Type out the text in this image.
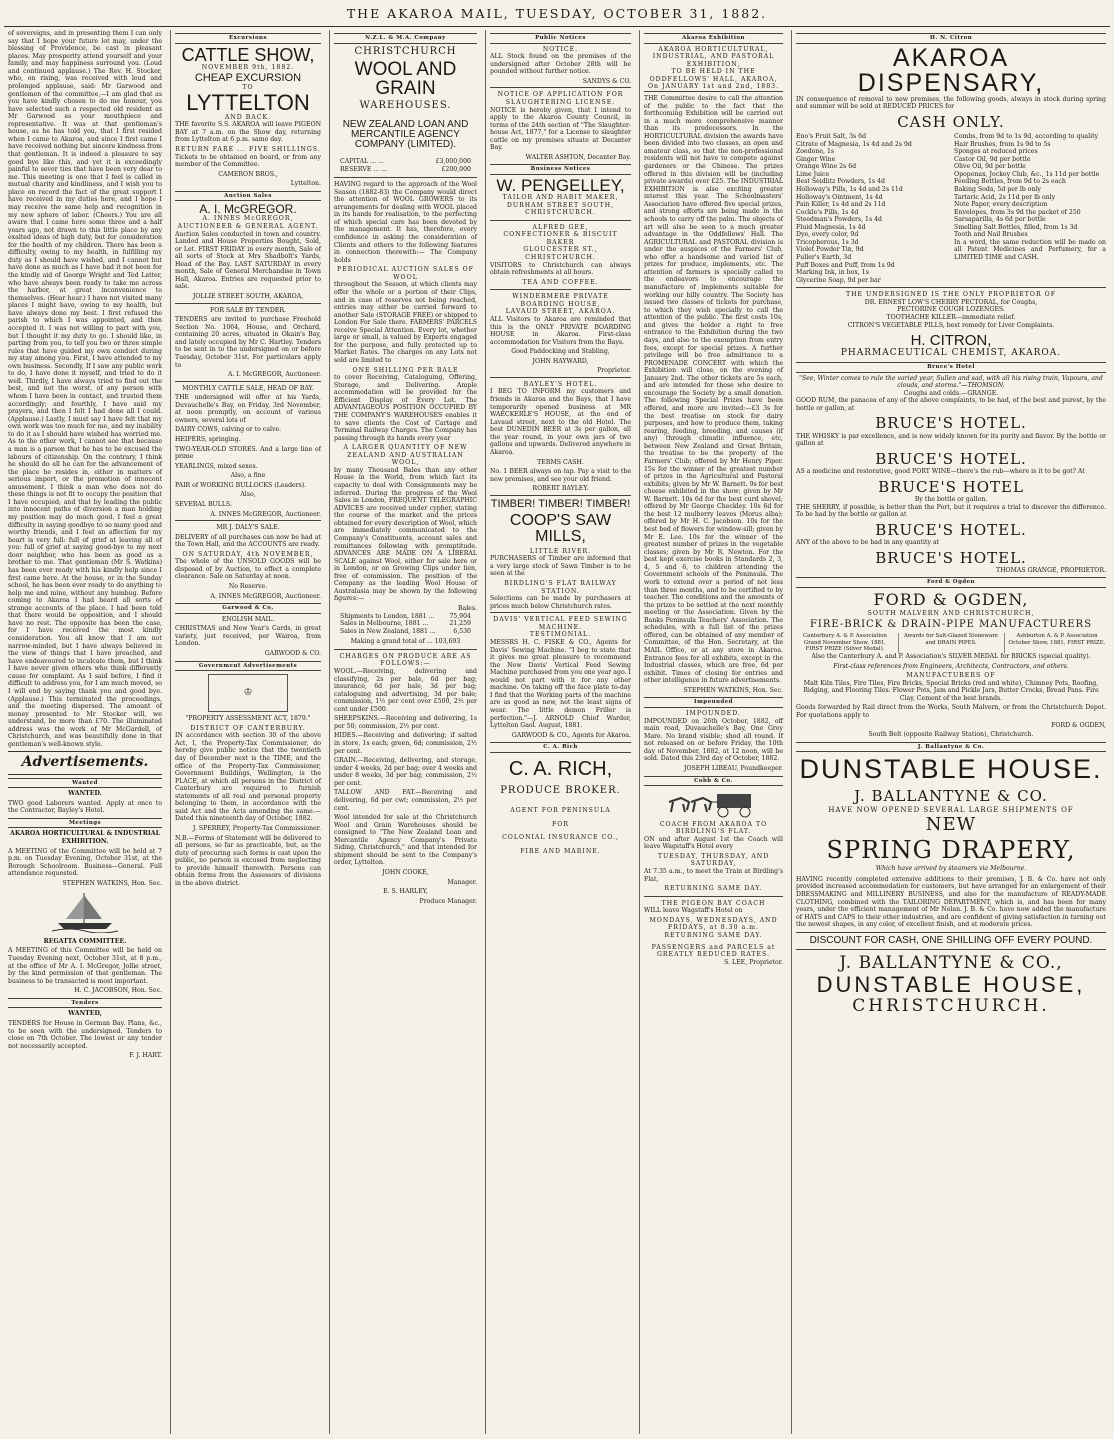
THE AKAROA MAIL, TUESDAY, OCTOBER 31, 1882.

of sovereigns, and in presenting them I can only say that I hope your future lot may, under the blessing of Providence, be cast in pleasant places. May prosperity attend yourself and your family, and may happiness surround you. (Loud and continued applause.) The Rev. H. Stocker, who, on rising, was received with loud and prolonged applause, said: Mr Garwood and gentlemen of the committee,—I am glad that as you have kindly chosen to do me honour, you have selected such a respected old resident as Mr Garwood as your mouthpiece and representative. It was at that gentleman's house, as he has told you, that I first resided when I came to Akaroa, and since I first came I have received nothing but sincere kindness from that gentleman. It is indeed a pleasure to say good bye like this, and yet it is exceedingly painful to sever ties that have been very dear to me. This meeting is one that I feel is called in mutual charity and kindliness, and I wish you to place on record the fact of the great support I have received in my duties here, and I hope I may receive the same help and recognition in my new sphere of labor. (Cheers.) You are all aware that I came here some three and a half years ago, not drawn to this little place by any exalted ideas of high duty, but for consideration for the health of my children. There has been a difficulty, owing to my health, in fulfilling my duty as I should have wished, and I cannot but have done as much as I have had it not been for the kindly aid of George Wright and Ted Latter, who have always been ready to take me across the harbor, at great inconvenience to themselves. (Hear hear.) I have not visited many places I might have, owing to my health, but have always done my best. I first refused the parish to which I was appointed, and then accepted it. I was not willing to part with you, but I thought it my duty to go. I should like, in parting from you, to tell you two or three simple rules that have guided my own conduct during my stay among you. First, I have attended to my own business. Secondly, If I saw any public work to do, I have done it myself, and tried to do it well. Thirdly, I have always tried to find out the best, and not the worst, of any person with whom I have been in contact, and trusted them accordingly; and fourthly, I have said my prayers, and then I felt I had done all I could. (Applause.) Lastly, I must say I have felt that my own work was too much for me, and my inability to do it as I should have wished has worried me. As to the other work, I cannot see that because a man is a parson that he has to be excused the labours of citizenship. On the contrary, I think he should do all he can for the advancement of the place he resides in, either in matters of serious import, or the promotion of innocent amusement. I think a man who does not do these things is not fit to occupy the position that I have occupied; and that by leading the public into innocent paths of diversion a man holding my position may do much good. I feel a great difficulty in saying goodbye to so many good and worthy friends, and I feel an affection for my heart is very full: full of grief at leaving all of you: full of grief at saying good-bye to my next door neighbor, who has been as good as a brother to me. That gentleman (Mr S. Watkins) has been ever ready with his kindly help since I first came here. At the house, or in the Sunday school, he has been ever ready to do anything to help me and mine, without any humbug. Before coming to Akaroa I had heard all sorts of strange accounts of the place. I had been told that there would be opposition, and I should have no rest. The opposite has been the case, for I have received the most kindly consideration. You all know that I am not narrow-minded, but I have always believed in the view of things that I have preached, and have endeavoured to inculcate them, but I think I have never given others who think differently cause for complaint. As I said before, I find it difficult to address you, for I am much moved, so I will end by saying thank you and good bye. (Applause.) This terminated the proceedings, and the meeting dispersed. The amount of money presented to Mr Stocker will, we understand, be more than £70. The illuminated address was the work of Mr McGardell, of Christchurch, and was beautifully done in that gentleman's well-known style.

Advertisements.
Wanted
WANTED.

TWO good Laborers wanted. Apply at once to the Contractor, Bayley's Hotel.

Meetings
AKAROA HORTICULTURAL & INDUSTRIAL EXHIBITION.

A MEETING of the Committee will be held at 7 p.m. on Tuesday Evening, October 31st, at the Borough Schoolroom. Business—General. Full attendance requested.

STEPHEN WATKINS, Hon. Sec.

REGATTA COMMITTEE.

A MEETING of this Committee will be held on Tuesday Evening next, October 31st, at 8 p.m., at the office of Mr A. I. McGregor, Jollie street, by the kind permission of that gentleman. The business to be transacted is most important.

H. C. JACOBSON, Hon. Sec.

Tenders
WANTED,

TENDERS for House in German Bay. Plans, &c., to be seen with the undersigned. Tenders to close on 7th October. The lowest or any tender not necessarily accepted.

F. J. HART.

Excursions
CATTLE SHOW,
NOVEMBER 9th, 1882.
CHEAP EXCURSION
TO
LYTTELTON
AND BACK.

THE favorite S.S. AKAROA will leave PIGEON BAY at 7 a.m. on the Show day, returning from Lyttelton at 6 p.m. same day.

RETURN FARE ... FIVE SHILLINGS.

Tickets to be obtained on board, or from any member of the Committee.

CAMERON BROS.,

Lyttelton.

Auction Sales
A. I. McGREGOR.
A. INNES McGREGOR,
AUCTIONEER & GENERAL AGENT.

Auction Sales conducted in town and country. Landed and House Properties Bought, Sold, or Let. FIRST FRIDAY in every month, Sale of all sorts of Stock at Mrs Shadbolt's Yards, Head of the Bay. LAST SATURDAY in every month, Sale of General Merchandise in Town Hall, Akaroa. Entries are requested prior to sale.

JOLLIE STREET SOUTH, AKAROA,

FOR SALE BY TENDER.

TENDERS are invited to purchase Freehold Section No. 1064, House, and Orchard, containing 20 acres, situated in Okain's Bay, and lately occupied by Mr C. Hartley. Tenders to be sent in to the undersigned on or before Tuesday, October 31st. For particulars apply to

A. I. McGREGOR, Auctioneer.

MONTHLY CATTLE SALE, HEAD OF BAY.

THE undersigned will offer at his Yards, Duvauchelle's Bay, on Friday, 3rd November, at noon promptly, on account of various owners, several lots of

DAIRY COWS, calving or to calve.

HEIFERS, springing.

TWO-YEAR-OLD STORES. And a large line of prime

YEARLINGS, mixed sexes.

Also, a fine

PAIR of WORKING BULLOCKS (Leaders).

Also,

SEVERAL BULLS.

A. INNES McGREGOR, Auctioneer.

MR J. DALY'S SALE.

DELIVERY of all purchases can now be had at the Town Hall, and the ACCOUNTS are ready.

ON SATURDAY, 4th NOVEMBER,

The whole of the UNSOLD GOODS will be disposed of by Auction, to effect a complete clearance. Sale on Saturday at noon.

No Reserve.

A. INNES McGREGOR, Auctioneer.

Garwood & Co,
ENGLISH MAIL.

CHRISTMAS and New Year's Cards, in great variety, just received, per Wairoa, from London.

GARWOOD & CO.

Government Advertisements
♔
"PROPERTY ASSESSMENT ACT, 1879."
DISTRICT OF CANTERBURY.

IN accordance with section 30 of the above Act, I, the Property-Tax Commissioner, do hereby give public notice that the twentieth day of December next is the TIME, and the office of the Property-Tax Commissioner, Government Buildings, Wellington, is the PLACE, at which all persons in the District of Canterbury are required to furnish statements of all real and personal property belonging to them, in accordance with the said Act and the Acts amending the same.—Dated this nineteenth day of October, 1882.

J. SPERREY, Property-Tax Commissioner.

N.B.—Forms of Statement will be delivered to all persons, so far as practicable, but, as the duty of procuring such forms is cast upon the public, no person is excused from neglecting to provide himself therewith. Persons can obtain forms from the Assessors of divisions in the above district.

N.Z.L. & M.A. Company
CHRISTCHURCH
WOOL AND GRAIN
WAREHOUSES.
NEW ZEALAND LOAN AND MERCANTILE AGENCY COMPANY (LIMITED).
CAPITAL ... ...	£3,000,000
RESERVE ... ...	£200,000

HAVING regard to the approach of the Wool Season (1882-83) the Company would direct the attention of WOOL GROWERS to its arrangements for dealing with WOOL placed in its hands for realisation, to the perfecting of which special care has been devoted by the management. It has, therefore, every confidence in asking the consideration of Clients and others to the following features in connection therewith:— The Company holds

PERIODICAL AUCTION SALES OF WOOL

throughout the Season, at which clients may offer the whole or a portion of their Clips, and in case of reserves not being reached, entries may either be carried forward to another Sale (STORAGE FREE) or shipped to London For Sale there. FARMERS' PARCELS receive Special Attention. Every lot, whether large or small, is valued by Experts engaged for the purpose, and fully protected up to Market Rates. The charges on any Lots not sold are limited to

ONE SHILLING PER BALE

to cover Receiving, Cataloguing, Offering, Storage, and Delivering. Ample accommodation will be provided for the Efficient Display of Every Lot. The ADVANTAGEOUS POSITION OCCUPIED BY THE COMPANY'S WAREHOUSES enables it to save clients the Cost of Cartage and Terminal Railway Charges. The Company has passing through its hands every year

A LARGER QUANTITY OF NEW ZEALAND AND AUSTRALIAN WOOL,

by many Thousand Bales than any other House in the World, from which fact its capacity to deal with Consignments may be inferred. During the progress of the Wool Sales in London, FREQUENT TELEGRAPHIC ADVICES are received under cypher, stating the course of the market and the prices obtained for every description of Wool, which are immediately communicated to the Company's Constituents, account sales and remittances following with promptitude. ADVANCES ARE MADE ON A LIBERAL SCALE against Wool, either for sale here or in London, or on Growing Clips under lien, free of commission. The position of the Company as the leading Wool House of Australasia may be shown by the following figures:—

Bales.
Shipments to London, 1881 ... 75,904
Sales in Melbourne, 1881 ...	21,259
Sales in New Zealand, 1881 ...	6,530
Making a grand total of ... 103,693
CHARGES ON PRODUCE ARE AS FOLLOWS:—

WOOL.—Receiving, delivering and classifying, 2s per bale, 6d per bag; insurance, 6d per bale, 3d per bag; cataloguing and advertising, 3d per bale; commission, 1½ per cent over £500, 2½ per cent under £500.

SHEEPSKINS.—Receiving and delivering, 1s per 50; commission, 2½ per cent.

HIDES.—Receiving and delivering; if salted in store, 1s each; green, 6d; commission, 2½ per cent.

GRAIN.—Receiving, delivering, and storage, under 4 weeks, 2d per bag; over 4 weeks and under 8 weeks, 3d per bag; commission, 2½ per cent.

TALLOW AND FAT.—Receiving and delivering, 6d per cwt; commission, 2½ per cent.

Wool intended for sale at the Christchurch Wool and Grain Warehouses should be consigned to "The New Zealand Loan and Mercantile Agency Company's Private Siding, Christchurch," and that intended for shipment should be sent to the Company's order, Lyttelton.

JOHN COOKE,

Manager.

E. S. HARLEY,

Produce Manager.

Public Notices
NOTICE.

ALL Stock found on the premises of the undersigned after October 28th will be pounded without further notice.

SANDYS & CO.

NOTICE OF APPLICATION FOR SLAUGHTERING LICENSE.

NOTICE is hereby given, that I intend to apply to the Akaroa County Council, in terms of the 24th section of "The Slaughter-house Act, 1877," for a License to slaughter cattle on my premises situate at Decanter Bay.

WALTER ASHTON, Decanter Bay.

Business Notices
W. PENGELLEY,
TAILOR AND HABIT MAKER,
DURHAM STREET SOUTH, CHRISTCHURCH.
ALFRED GEE,
CONFECTIONER & BISCUIT BAKER
GLOUCESTER ST., CHRISTCHURCH.

VISITORS to Christchurch can always obtain refreshments at all hours.

TEA AND COFFEE.
WINDERMERE PRIVATE BOARDING HOUSE,
LAVAUD STREET, AKAROA.

ALL Visitors to Akaroa are reminded that this is the ONLY PRIVATE BOARDING HOUSE in Akaroa. First-class accommodation for Visitors from the Bays.

Good Paddocking and Stabling,

JOHN HAYWARD,

Proprietor.

BAYLEY'S HOTEL.

I BEG TO INFORM my customers and friends in Akaroa and the Bays, that I have temporarily opened business at MR WAECKERLE'S HOUSE, at the end of Lavaud street, next to the old Hotel. The best DUNEDIN BEER at 3s per gallon, all the year round, in your own jars of two gallons and upwards. Delivered anywhere in Akaroa.

TERMS CASH.

No. 1 BEER always on tap. Pay a visit to the new premises, and see your old friend.

ROBERT BAYLEY.

TIMBER! TIMBER! TIMBER!
COOP'S SAW MILLS,
LITTLE RIVER.

PURCHASERS of Timber are informed that a very large stock of Sawn Timber is to be seen at the

BIRDLING'S FLAT RAILWAY STATION.

Selections can be made by purchasers at prices much below Christchurch rates.

DAVIS' VERTICAL FEED SEWING MACHINE.
TESTIMONIAL.

MESSRS H. C. FISKE & CO., Agents for Davis' Sewing Machine. "I beg to state that it gives me great pleasure to recommend the New Davis' Vertical Feed Sewing Machine purchased from you one year ago. I would not part with it for any other machine. On taking off the face plate to-day I find that the Working parts of the machine are as good as new, not the least signs of wear. The little demon Friller is perfection."—J. ARNOLD Chief Warder, Lyttelton Gaol. August, 1881.

GARWOOD & CO., Agents for Akaroa.

C. A. Rich
C. A. RICH,
PRODUCE BROKER.
AGENT FOR PENINSULA
FOR
COLONIAL INSURANCE CO.,
FIRE AND MARINE.
Akaroa Exhibition
AKAROA HORTICULTURAL, INDUSTRIAL, AND PASTORAL EXHIBITION,
TO BE HELD IN THE
ODDFELLOWS' HALL, AKAROA,
On JANUARY 1st and 2nd, 1883.

THE Committee desire to call the attention of the public to the fact that the forthcoming Exhibition will be carried out in a much more comprehensive manner than its predecessors. In the HORTICULTURAL division the awards have been divided into two classes, an open and amateur class, so that the non-professional residents will not have to compete against gardeners or the Chinese. The prizes offered in this division will be (including private awards) over £25. The INDUSTRIAL EXHIBITION is also exciting greater interest this year. The Schoolmasters' Association have offered five special prizes, and strong efforts are being made in the schools to carry off the palm. The objects of art will also be seen to a much greater advantage in the Oddfellows' Hall. The AGRICULTURAL and PASTORAL division is under the auspices of the Farmers' Club, who offer a handsome and varied list of prizes for produce, implements, etc. The attention of farmers is specially called to the endeavors to encourage the manufacture of implements suitable for working our hilly country. The Society has issued two classes of tickets for purchase, to which they wish specially to call the attention of the public. The first costs 10s, and gives the holder a right to free entrance to the Exhibition during the two days, and also to the exemption from entry fees, except for special prizes. A further privilege will be free admittance to a PROMENADE CONCERT with which the Exhibition will close, on the evening of January 2nd. The other tickets are 5s each, and are intended for those who desire to encourage the Society by a small donation. The following Special Prizes have been offered, and more are invited:—£3 3s for the best treatise on stock for dairy purposes, and how to produce them, taking rearing, feeding, breeding, and causes (if any) through climatic influence, etc, between New Zealand and Great Britain, the treatise to be the property of the Farmers' Club; offered by Mr Henry Piper. 15s for the winner of the greatest number of prizes in the Agricultural and Pastoral exhibits; given by Mr W. Barnett. 9s for best cheese exhibited in the show; given by Mr W. Barnett. 10s 6d for the best curd shovel; offered by Mr George Checkley. 10s 6d for the best 12 mulberry leaves (Morus alba); offered by Mr H. C. Jacobson. 10s for the best bed of flowers for window-sill; given by Mr E. Lee. 10s for the winner of the greatest number of prizes in the vegetable classes; given by Mr R. Newton. For the best kept exercise books in Standards 2, 3, 4, 5 and 6, to children attending the Government schools of the Peninsula. The work to extend over a period of not less than three months, and to be certified to by teacher. The conditions and the amounts of the prizes to be settled at the next monthly meeting or the Association. Given by the Banks Peninsula Teachers' Association. The schedules, with a full list of the prizes offered, can be obtained of any member of Committee, of the Hon. Secretary, at the MAIL Office, or at any store in Akaroa. Entrance fees for all exhibits, except in the Industrial classes, which are free, 6d per exhibit. Times of closing for entries and other intelligence in future advertisements.

STEPHEN WATKINS, Hon. Sec.

Impounded
IMPOUNDED.

IMPOUNDED on 26th October, 1882, off main road, Duvauchelle's Bay, One Grey Mare. No brand visible; shod all round. If not released on or before Friday, the 10th day of November, 1882, at 12 noon, will be sold. Dated this 23rd day of October, 1882.

JOSEPH LIBEAU, Poundkeeper.

Cobb & Co.
COACH FROM AKAROA TO BIRDLING'S FLAT.

ON and after August 1st the Coach will leave Wagstaff's Hotel every

TUESDAY, THURSDAY, AND SATURDAY,

At 7.35 a.m., to meet the Train at Birdling's Flat,

RETURNING SAME DAY.
THE PIGEON BAY COACH

WILL leave Wagstaff's Hotel on

MONDAYS, WEDNESDAYS, AND FRIDAYS, at 8.30 a.m.
RETURNING SAME DAY.
PASSENGERS and PARCELS at GREATLY REDUCED RATES.

S. LEE, Proprietor.

H. N. Citron
AKAROA DISPENSARY,

IN consequence of removal to new premises, the following goods, always in stock during spring and summer will be sold at REDUCED PRICES for

CASH ONLY.
Eno's Fruit Salt, 3s 6d
Citrate of Magnesia, 1s 4d and 2s 9d
Zoedone, 1s
Ginger Wine
Orange Wine 2s 6d
Lime Juice
Best Seidlitz Powders, 1s 4d
Holloway's Pills, 1s 4d and 2s 11d
Holloway's Ointment, 1s 4d
Pain Killer, 1s 4d and 2s 11d
Cockle's Pills, 1s 4d
Steedman's Powders, 1s 4d
Fluid Magnesia, 1s 4d
Dye, every color, 9d
Tricopherous, 1s 3d
Violet Powder Tin, 9d
Fuller's Earth, 3d
Puff Boxes and Puff, from 1s 9d
Marking Ink, in box, 1s
Glycerine Soap, 9d per bar
Combs, from 9d to 1s 9d, according to quality
Hair Brushes, from 1s 9d to 5s
Sponges at reduced prices
Castor Oil, 9d per bottle
Olive Oil, 9d per bottle
Opoponax, Jockey Club, &c., 1s 11d per bottle
Feeding Bottles, from 9d to 2s each
Baking Soda, 5d per lb only
Tartaric Acid, 2s 11d per lb only
Note Paper, every description
Envelopes, from 3s 9d the packet of 250
Sarsaparilla, 4s 6d per bottle
Smelling Salt Bottles, filled, from 1s 3d
Tooth and Nail Brushes
In a word, the same reduction will be made on all Patent Medicines and Perfumery, for a LIMITED TIME and CASH.
THE UNDERSIGNED IS THE ONLY PROPRIETOR OF
DR. ERNEST LOW'S CHERRY PECTORAL, for Coughs,
PECTORINE COUGH LOZENGES.
TOOTHACHE KILLER—immediate relief.
CITRON'S VEGETABLE PILLS, best remedy for Liver Complaints.
H. CITRON,
PHARMACEUTICAL CHEMIST, AKAROA.
Bruce's Hotel
"See, Winter comes to rule the varied year, Sullen and sad, with all his rising train, Vapours, and clouds, and storms."—THOMSON.
Coughs and colds.—GRANGE.

GOOD RUM, the panacea of any of the above complaints, to be had, of the best and purest, by the bottle or gallon, at

BRUCE'S HOTEL.

THE WHISKY is par excellence, and is now widely known for its purity and flavor. By the bottle or gallon at

BRUCE'S HOTEL.

AS a medicine and restorative, good PORT WINE—there's the rub—where is it to be got? At

BRUCE'S HOTEL
By the bottle or gallon.

THE SHERRY, if possible, is better than the Port, but it requires a trial to discover the difference. To be had by the bottle or gallon at

BRUCE'S HOTEL.

ANY of the above to be had in any quantity at

BRUCE'S HOTEL.
THOMAS GRANGE, PROPRIETOR.
Ford & Ogden
FORD & OGDEN,
SOUTH MALVERN AND CHRISTCHURCH,
FIRE-BRICK & DRAIN-PIPE MANUFACTURERS
Canterbury A. & P. Association Grand November Show, 1881, FIRST PRIZE (Silver Medal).
Awards for Salt-Glazed Stoneware and DRAIN PIPES.
Ashburton A. & P. Association October Show, 1881, FIRST PRIZE.
Also the Canterbury A. and P. Association's SILVER MEDAL for BRICKS (special quality).
First-class references from Engineers, Architects, Contractors, and others.
MANUFACTURERS OF

Malt Kiln Tiles, Fire Tiles, Fire Bricks, Special Bricks (red and white), Chimney Pots, Roofing, Ridging, and Flooring Tiles. Flower Pots, Jam and Pickle Jars, Butter Crocks, Bread Pans. Fire Clay, Cement of the best brands.

Goods forwarded by Rail direct from the Works, South Malvern, or from the Christchurch Depot. For quotations apply to

FORD & OGDEN,

South Belt (opposite Railway Station), Christchurch.

J. Ballantyne & Co.
DUNSTABLE HOUSE.
J. BALLANTYNE & CO.
HAVE NOW OPENED SEVERAL LARGE SHIPMENTS OF
NEW
SPRING DRAPERY,
Which have arrived by steamers via Melbourne.

HAVING recently completed extensive additions to their premises, J. B. & Co. have not only provided increased accommodation for customers, but have arranged for an enlargement of their DRESSMAKING and MILLINERY BUSINESS, and also for the manufacture of READY-MADE CLOTHING, combined with the TAILORING DEPARTMENT, which is, and has been for many years, under the efficient management of Mr Nolan. J. B. & Co. have now added the manufacture of HATS and CAPS to their other industries, and are confident of giving satisfaction in turning out the newest shapes, in any color, of excellent finish, and at moderate prices.

DISCOUNT FOR CASH, ONE SHILLING OFF EVERY POUND.
J. BALLANTYNE & CO.,
DUNSTABLE HOUSE,
CHRISTCHURCH.
